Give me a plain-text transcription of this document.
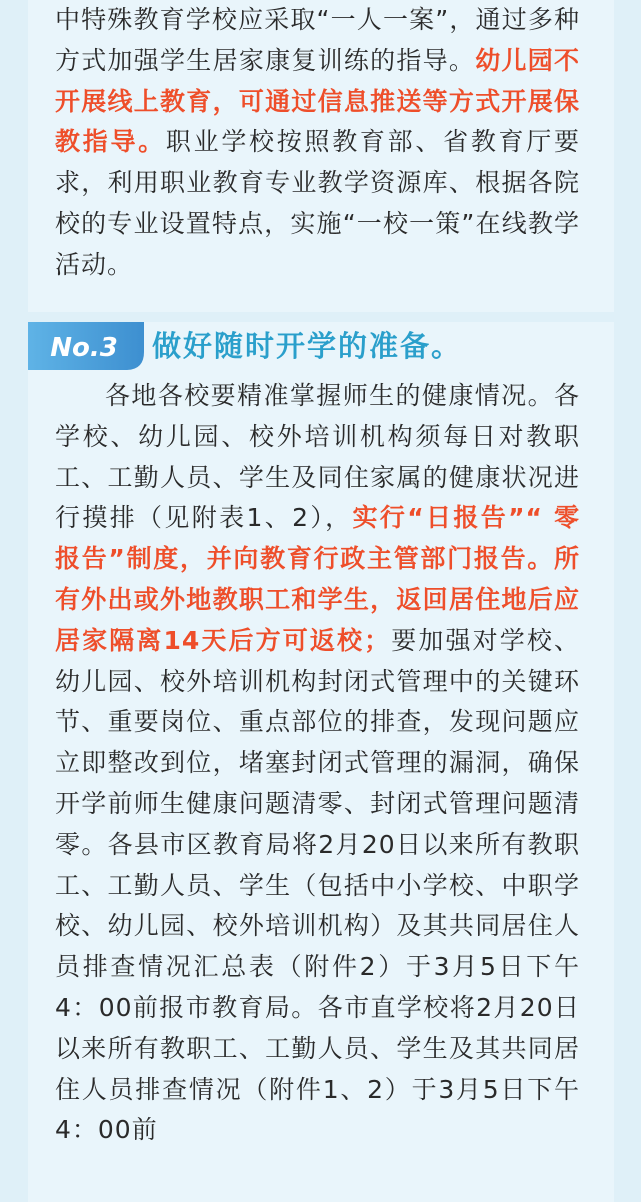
中特殊教育学校应采取“一人一案”，通过多种方式加强学生居家康复训练的指导。幼儿园不开展线上教育，可通过信息推送等方式开展保教指导。职业学校按照教育部、省教育厅要求，利用职业教育专业教学资源库、根据各院校的专业设置特点，实施“一校一策”在线教学活动。
No.3 做好随时开学的准备。
各地各校要精准掌握师生的健康情况。各学校、幼儿园、校外培训机构须每日对教职工、工勤人员、学生及同住家属的健康状况进行摸排（见附表1、2），实行“日报告”“ 零报告”制度，并向教育行政主管部门报告。所有外出或外地教职工和学生，返回居住地后应居家隔离14天后方可返校；要加强对学校、幼儿园、校外培训机构封闭式管理中的关键环节、重要岗位、重点部位的排查，发现问题应立即整改到位，堵塞封闭式管理的漏洞，确保开学前师生健康问题清零、封闭式管理问题清零。各县市区教育局将2月20日以来所有教职工、工勤人员、学生（包括中小学校、中职学校、幼儿园、校外培训机构）及其共同居住人员排查情况汇总表（附件2）于3月5日下午4：00前报市教育局。各市直学校将2月20日以来所有教职工、工勤人员、学生及其共同居住人员排查情况（附件1、2）于3月5日下午4：00前
